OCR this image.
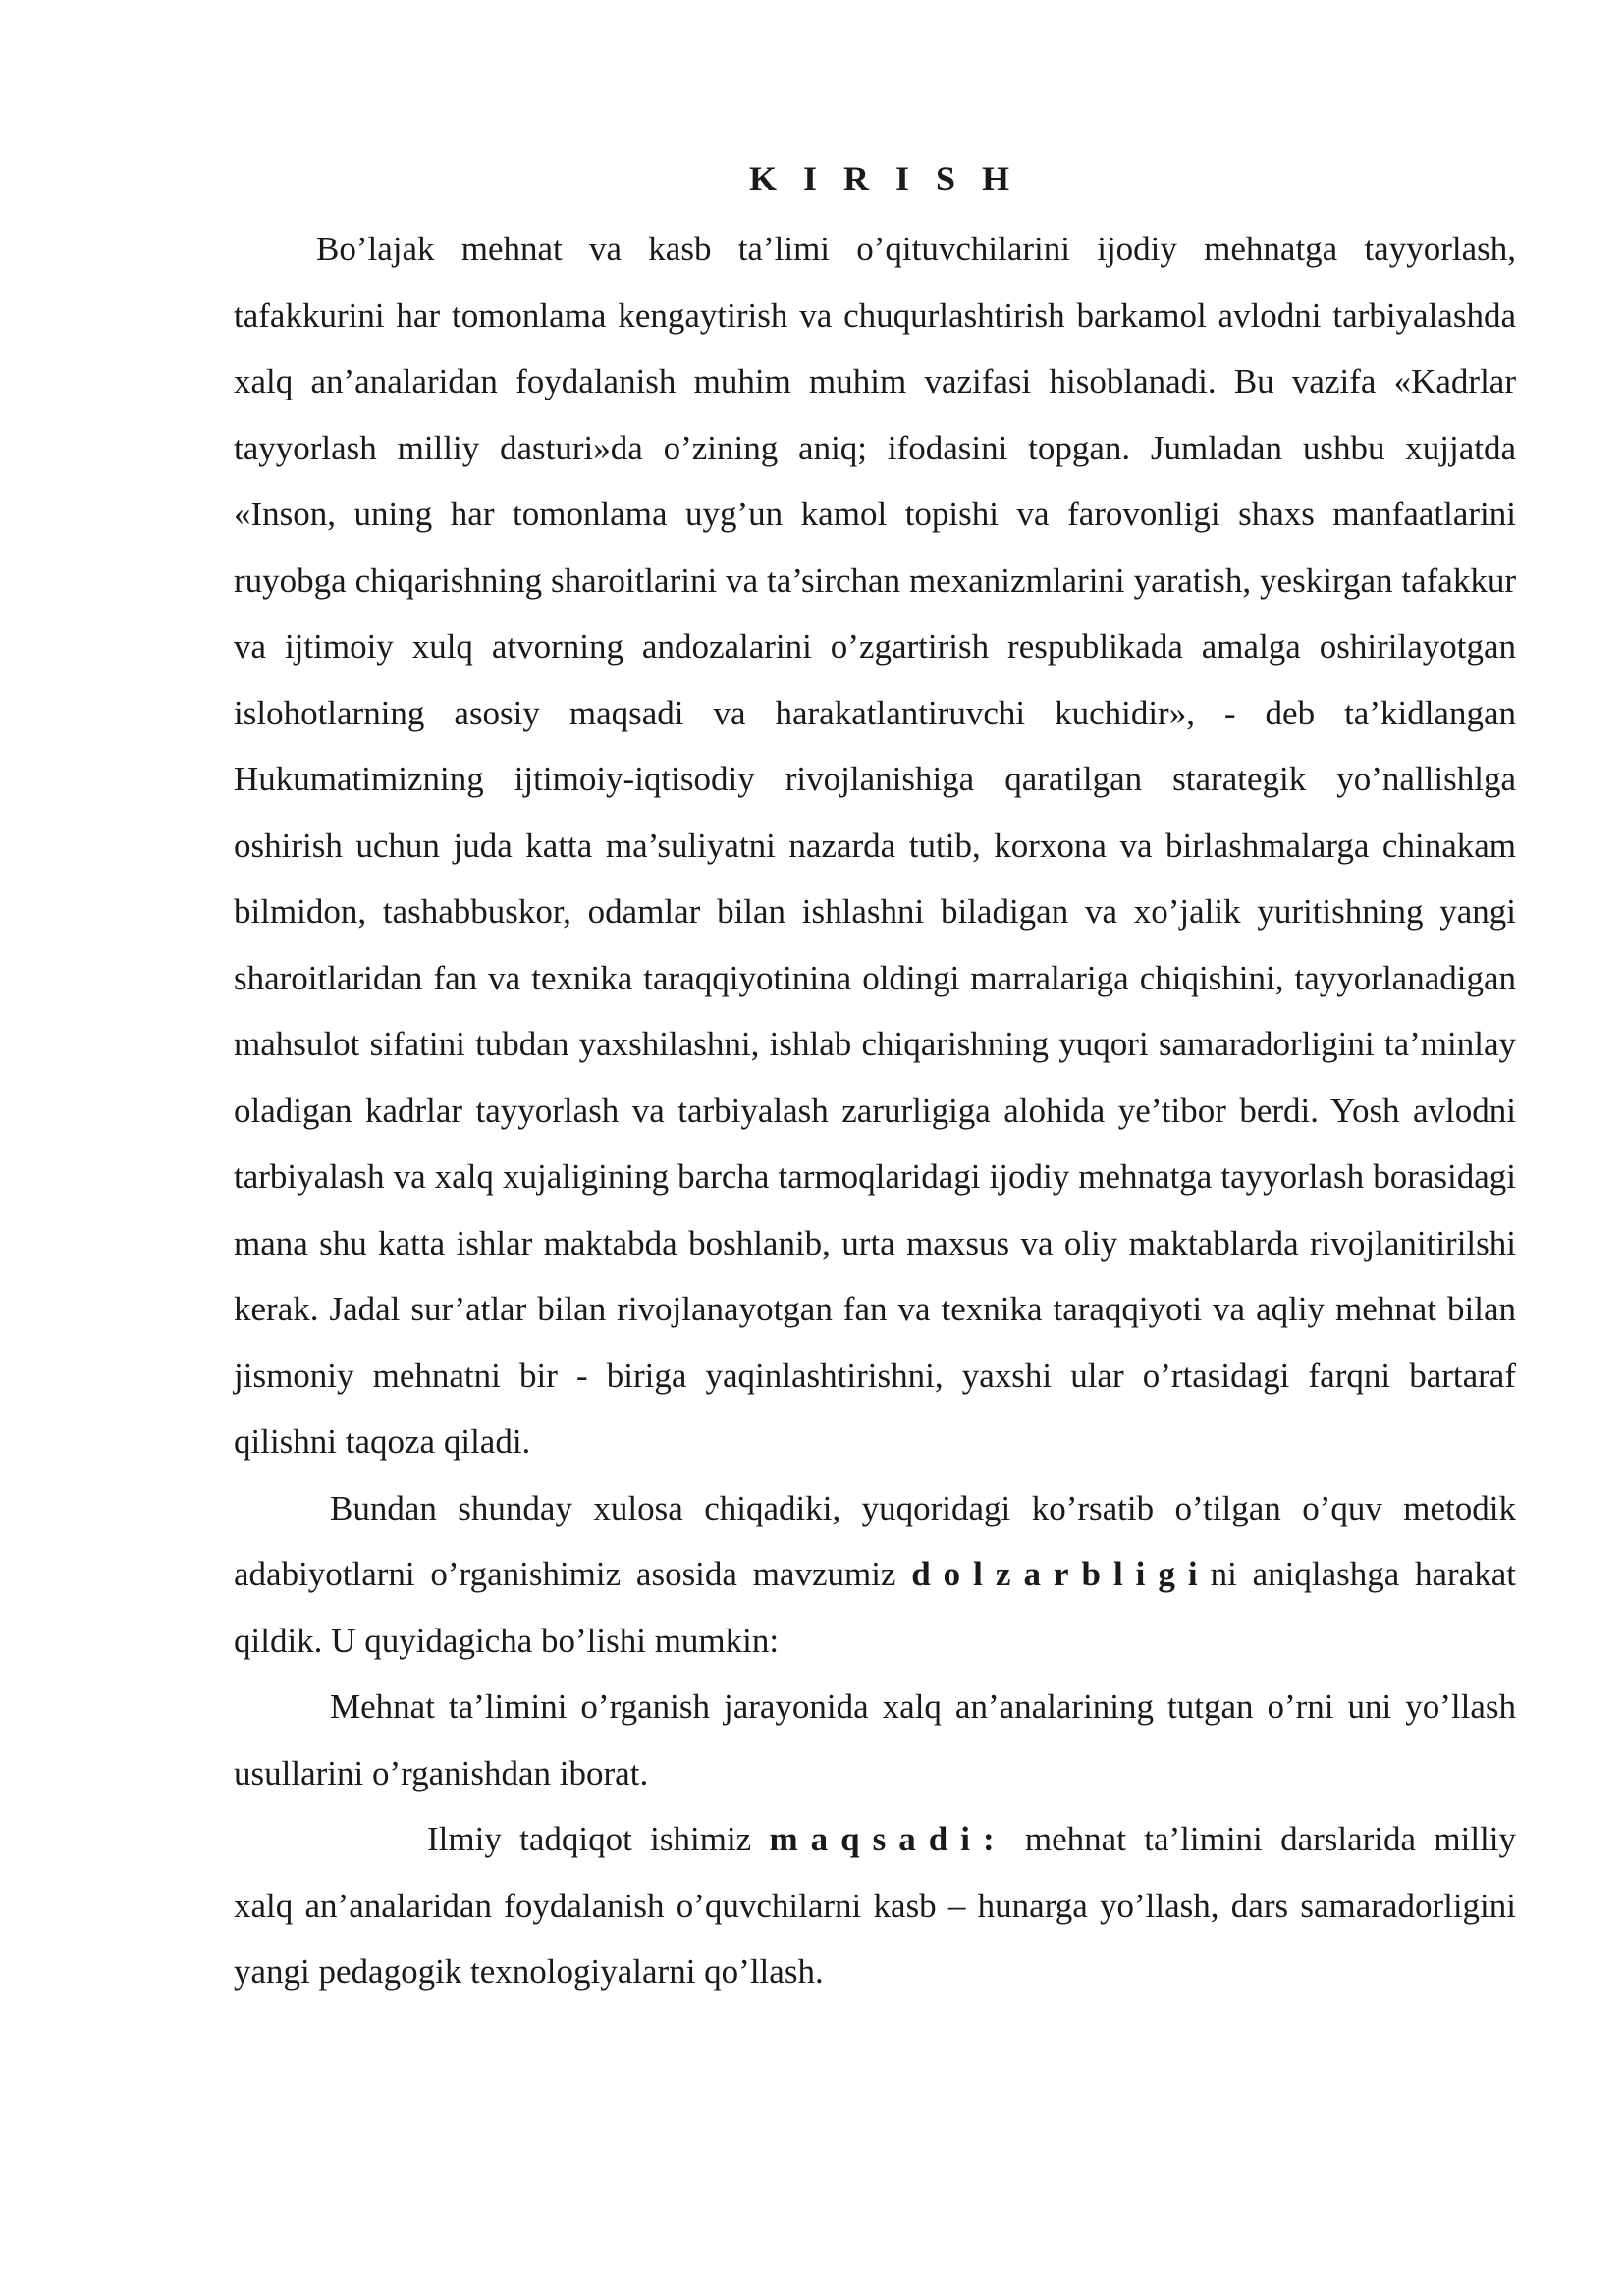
K I R I S H

Bo’lajak mehnat va kasb ta’limi o’qituvchilarini ijodiy mehnatga tayyorlash, tafakkurini har tomonlama kengaytirish va chuqurlashtirish barkamol avlodni tarbiyalashda xalq an’analaridan foydalanish muhim muhim vazifasi hisoblanadi. Bu vazifa «Kadrlar tayyorlash milliy dasturi»da o’zining aniq; ifodasini topgan. Jumladan ushbu xujjatda «Inson, uning har tomonlama uyg’un kamol topishi va farovonligi shaxs manfaatlarini ruyobga chiqarishning sharoitlarini va ta’sirchan mexanizmlarini yaratish, yeskirgan tafakkur va ijtimoiy xulq atvorning andozalarini o’zgartirish respublikada amalga oshirilayotgan islohotlarning asosiy maqsadi va harakatlantiruvchi kuchidir», - deb ta’kidlangan Hukumatimizning ijtimoiy-iqtisodiy rivojlanishiga qaratilgan starategik yo’nallishlga oshirish uchun juda katta ma’suliyatni nazarda tutib, korxona va birlashmalarga chinakam bilmidon, tashabbuskor, odamlar bilan ishlashni biladigan va xo’jalik yuritishning yangi sharoitlaridan fan va texnika taraqqiyotinina oldingi marralariga chiqishini, tayyorlanadigan mahsulot sifatini tubdan yaxshilashni, ishlab chiqarishning yuqori samaradorligini ta’minlay oladigan kadrlar tayyorlash va tarbiyalash zarurligiga alohida ye’tibor berdi. Yosh avlodni tarbiyalash va xalq xujaligining barcha tarmoqlaridagi ijodiy mehnatga tayyorlash borasidagi mana shu katta ishlar maktabda boshlanib, urta maxsus va oliy maktablarda rivojlanitirilshi kerak. Jadal sur’atlar bilan rivojlanayotgan fan va texnika taraqqiyoti va aqliy mehnat bilan jismoniy mehnatni bir - biriga yaqinlashtirishni, yaxshi ular o’rtasidagi farqni bartaraf qilishni taqoza qiladi.

Bundan shunday xulosa chiqadiki, yuqoridagi ko’rsatib o’tilgan o’quv metodik adabiyotlarni o’rganishimiz asosida mavzumiz dolzarbligini aniqlashga harakat qildik. U quyidagicha bo’lishi mumkin:

Mehnat ta’limini o’rganish jarayonida xalq an’analarining tutgan o’rni uni yo’llash usullarini o’rganishdan iborat.

Ilmiy tadqiqot ishimiz maqsadi: mehnat ta’limini darslarida milliy xalq an’analaridan foydalanish o’quvchilarni kasb – hunarga yo’llash, dars samaradorligini yangi pedagogik texnologiyalarni qo’llash.
